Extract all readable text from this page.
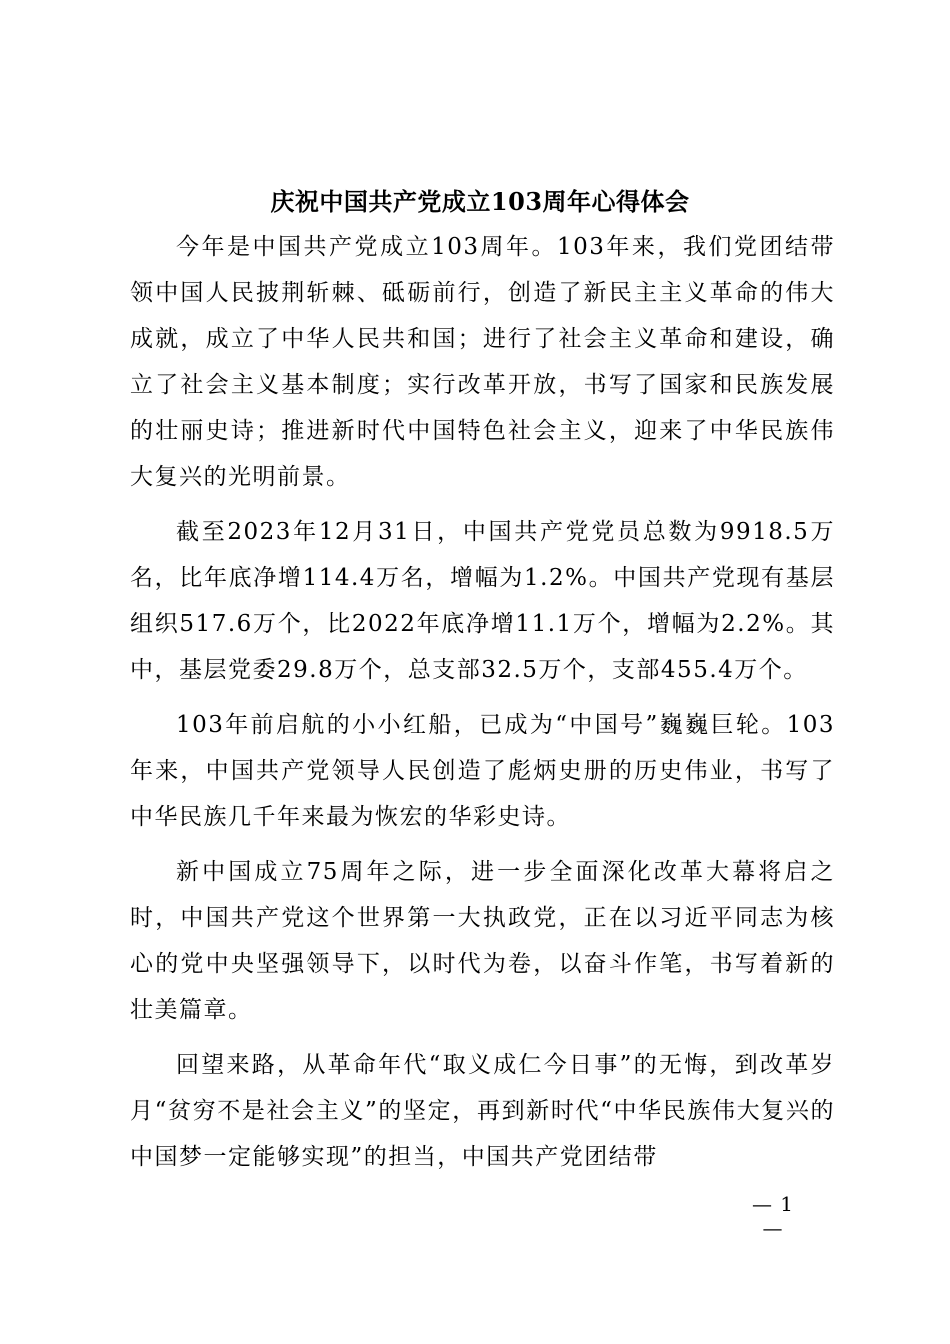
庆祝中国共产党成立103周年心得体会

今年是中国共产党成立103周年。103年来，我们党团结带领中国人民披荆斩棘、砥砺前行，创造了新民主主义革命的伟大成就，成立了中华人民共和国；进行了社会主义革命和建设，确立了社会主义基本制度；实行改革开放，书写了国家和民族发展的壮丽史诗；推进新时代中国特色社会主义，迎来了中华民族伟大复兴的光明前景。

截至2023年12月31日，中国共产党党员总数为9918.5万名，比年底净增114.4万名，增幅为1.2%。中国共产党现有基层组织517.6万个，比2022年底净增11.1万个，增幅为2.2%。其中，基层党委29.8万个，总支部32.5万个，支部455.4万个。

103年前启航的小小红船，已成为“中国号”巍巍巨轮。103年来，中国共产党领导人民创造了彪炳史册的历史伟业，书写了中华民族几千年来最为恢宏的华彩史诗。

新中国成立75周年之际，进一步全面深化改革大幕将启之时，中国共产党这个世界第一大执政党，正在以习近平同志为核心的党中央坚强领导下，以时代为卷，以奋斗作笔，书写着新的壮美篇章。

回望来路，从革命年代“取义成仁今日事”的无悔，到改革岁月“贫穷不是社会主义”的坚定，再到新时代“中华民族伟大复兴的中国梦一定能够实现”的担当，中国共产党团结带

— 1 —
